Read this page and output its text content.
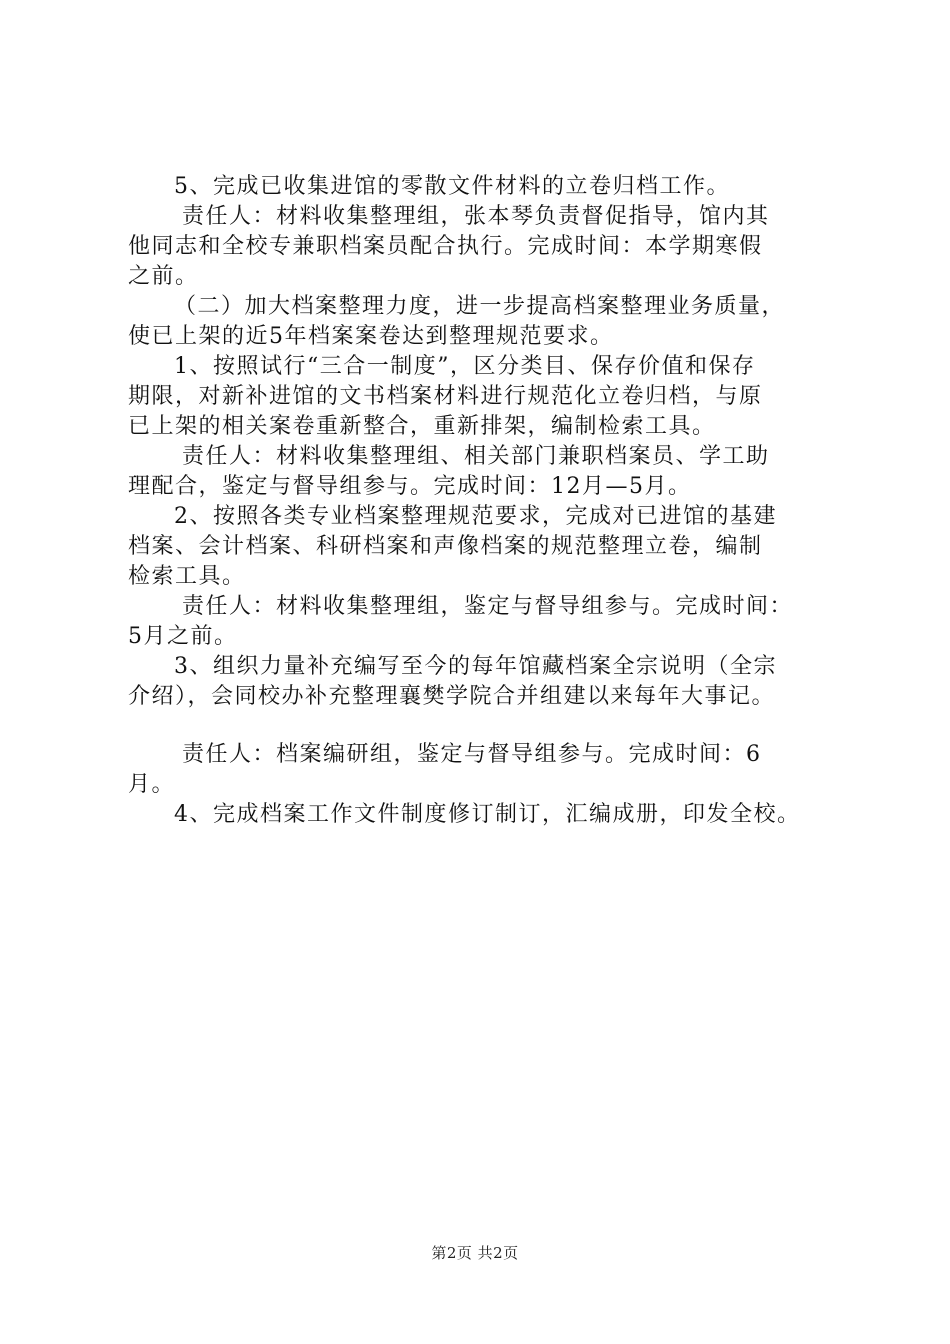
5、完成已收集进馆的零散文件材料的立卷归档工作。
责任人：材料收集整理组，张本琴负责督促指导，馆内其
他同志和全校专兼职档案员配合执行。完成时间：本学期寒假
之前。
（二）加大档案整理力度，进一步提高档案整理业务质量，
使已上架的近5年档案案卷达到整理规范要求。
1、按照试行“三合一制度”，区分类目、保存价值和保存
期限，对新补进馆的文书档案材料进行规范化立卷归档，与原
已上架的相关案卷重新整合，重新排架，编制检索工具。
责任人：材料收集整理组、相关部门兼职档案员、学工助
理配合，鉴定与督导组参与。完成时间：12月—5月。
2、按照各类专业档案整理规范要求，完成对已进馆的基建
档案、会计档案、科研档案和声像档案的规范整理立卷，编制
检索工具。
责任人：材料收集整理组，鉴定与督导组参与。完成时间：
5月之前。
3、组织力量补充编写至今的每年馆藏档案全宗说明（全宗
介绍），会同校办补充整理襄樊学院合并组建以来每年大事记。
责任人：档案编研组，鉴定与督导组参与。完成时间：6
月。
4、完成档案工作文件制度修订制订，汇编成册，印发全校。
第2页 共2页
